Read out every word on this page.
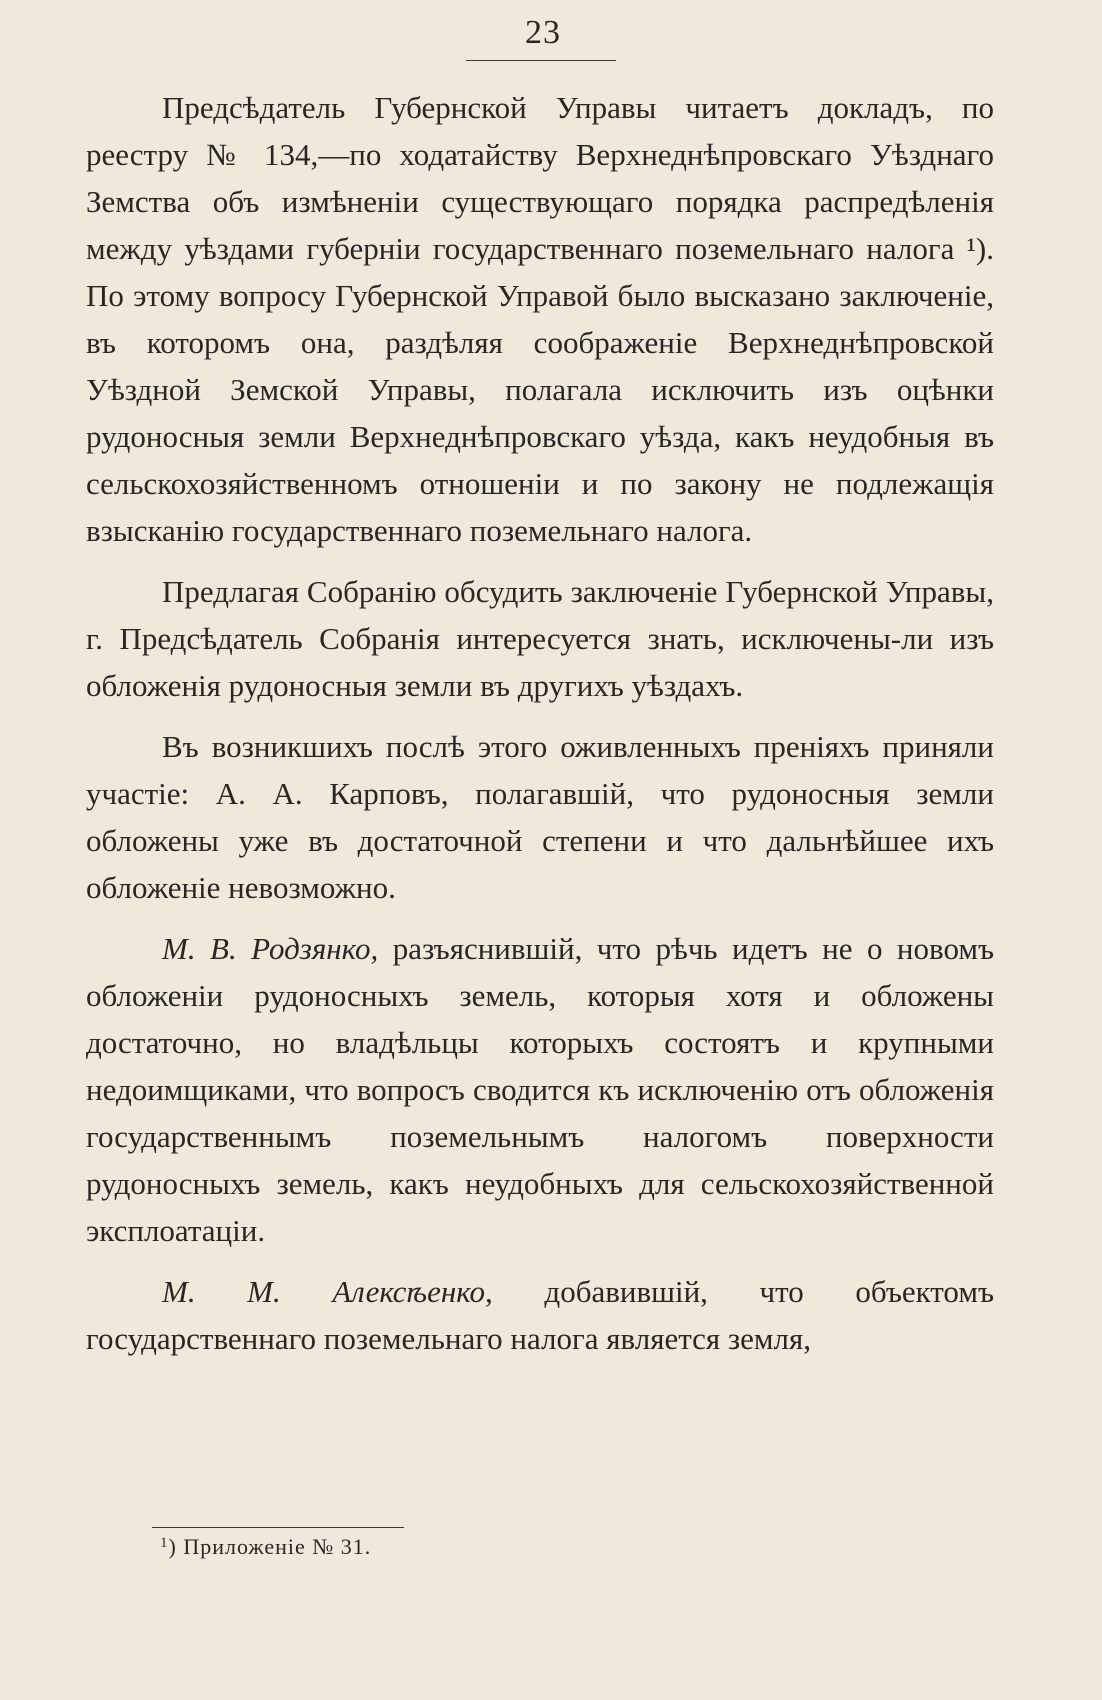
23

Предсѣдатель Губернской Управы читаетъ докладъ, по реестру № 134,—по ходатайству Верхнеднѣпровскаго Уѣзднаго Земства объ измѣненіи существующаго порядка распредѣленія между уѣздами губерніи государственнаго поземельнаго налога ¹). По этому вопросу Губернской Управой было высказано заключеніе, въ которомъ она, раздѣляя соображеніе Верхнеднѣпровской Уѣздной Земской Управы, полагала исключить изъ оцѣнки рудоносныя земли Верхнеднѣпровскаго уѣзда, какъ неудобныя въ сельскохозяйственномъ отношеніи и по закону не подлежащія взысканію государственнаго поземельнаго налога.

Предлагая Собранію обсудить заключеніе Губернской Управы, г. Предсѣдатель Собранія интересуется знать, исключены-ли изъ обложенія рудоносныя земли въ другихъ уѣздахъ.

Въ возникшихъ послѣ этого оживленныхъ преніяхъ приняли участіе: А. А. Карповъ, полагавшій, что рудоносныя земли обложены уже въ достаточной степени и что дальнѣйшее ихъ обложеніе невозможно.

М. В. Родзянко, разъяснившій, что рѣчь идетъ не о новомъ обложеніи рудоносныхъ земель, которыя хотя и обложены достаточно, но владѣльцы которыхъ состоятъ и крупными недоимщиками, что вопросъ сводится къ исключенію отъ обложенія государственнымъ поземельнымъ налогомъ поверхности рудоносныхъ земель, какъ неудобныхъ для сельскохозяйственной эксплоатаціи.

М. М. Алексѣенко, добавившій, что объектомъ государственнаго поземельнаго налога является земля,

$^1$) Приложеніе № 31.
